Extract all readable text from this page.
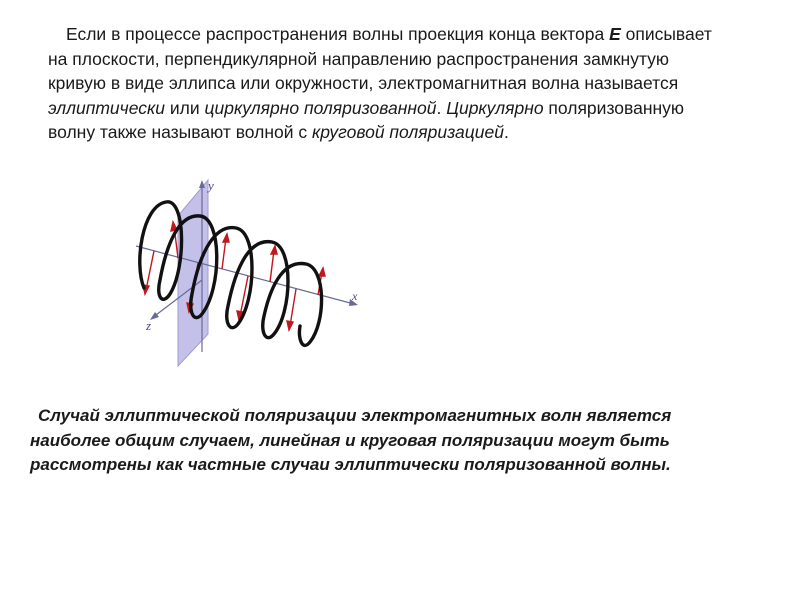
Если в процессе распространения волны проекция конца вектора E описывает на плоскости, перпендикулярной направлению распространения замкнутую кривую в виде эллипса или окружности, электромагнитная волна называется эллиптически или циркулярно поляризованной. Циркулярно поляризованную волну также называют волной с круговой поляризацией.

y
z
x

Случай эллиптической поляризации электромагнитных волн является наиболее общим случаем, линейная и круговая поляризации могут быть рассмотрены как частные случаи эллиптически поляризованной волны.
